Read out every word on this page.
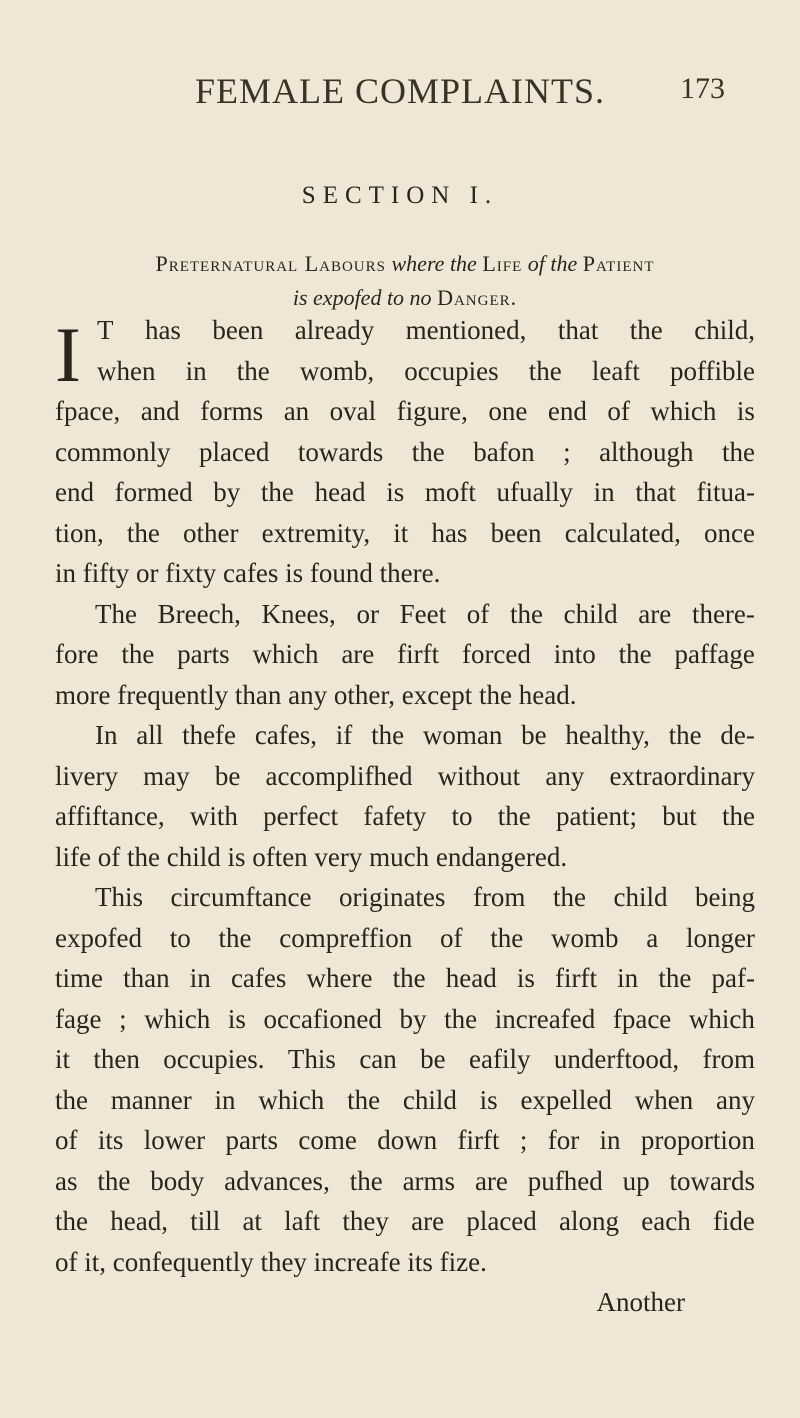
FEMALE COMPLAINTS.	173
SECTION I.
Preternatural Labours where the Life of the Patient
is expofed to no Danger.
I T has been already mentioned, that the child,
when in the womb, occupies the leaft poffible
fpace, and forms an oval figure, one end of which is
commonly placed towards the bafon ; although the
end formed by the head is moft ufually in that fitua-
tion, the other extremity, it has been calculated, once
in fifty or fixty cafes is found there.
The Breech, Knees, or Feet of the child are there-
fore the parts which are firft forced into the paffage
more frequently than any other, except the head.
In all thefe cafes, if the woman be healthy, the de-
livery may be accomplifhed without any extraordinary
affiftance, with perfect fafety to the patient; but the
life of the child is often very much endangered.
This circumftance originates from the child being
expofed to the compreffion of the womb a longer
time than in cafes where the head is firft in the paf-
fage ; which is occafioned by the increafed fpace which
it then occupies. This can be eafily underftood, from
the manner in which the child is expelled when any
of its lower parts come down firft ; for in proportion
as the body advances, the arms are pufhed up towards
the head, till at laft they are placed along each fide
of it, confequently they increafe its fize.
Another
